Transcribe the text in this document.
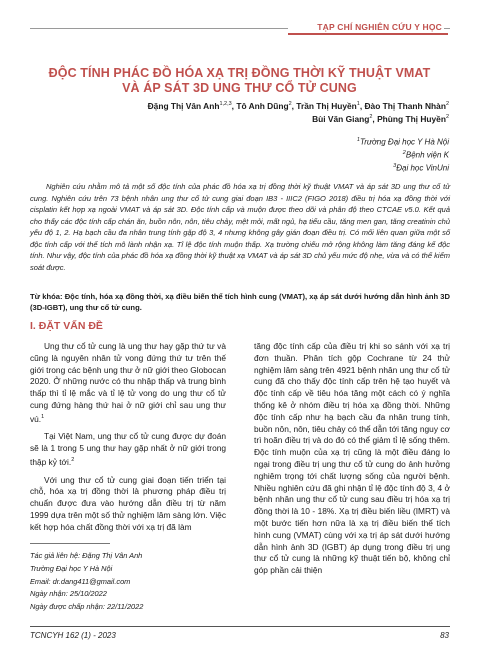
TẠP CHÍ NGHIÊN CỨU Y HỌC
ĐỘC TÍNH PHÁC ĐỒ HÓA XẠ TRỊ ĐỒNG THỜI KỸ THUẬT VMAT
VÀ ÁP SÁT 3D UNG THƯ CỔ TỬ CUNG
Đặng Thị Vân Anh$^{1,2,3}$, Tô Anh Dũng$^2$, Trần Thị Huyền$^1$, Đào Thị Thanh Nhàn$^2$
Bùi Văn Giang$^2$, Phùng Thị Huyền$^2$
$^1$Trường Đại học Y Hà Nội
$^2$Bệnh viện K
$^3$Đại học VinUni
Nghiên cứu nhằm mô tả một số độc tính của phác đồ hóa xạ trị đồng thời kỹ thuật VMAT và áp sát 3D ung thư cổ tử cung. Nghiên cứu trên 73 bệnh nhân ung thư cổ tử cung giai đoạn IB3 - IIIC2 (FIGO 2018) điều trị hóa xạ đồng thời với cisplatin kết hợp xạ ngoài VMAT và áp sát 3D. Độc tính cấp và muộn được theo dõi và phân độ theo CTCAE v5.0. Kết quả cho thấy các độc tính cấp chán ăn, buồn nôn, nôn, tiêu chảy, mệt mỏi, mất ngủ, hạ tiểu cầu, tăng men gan, tăng creatinin chủ yếu độ 1, 2. Hạ bạch cầu đa nhân trung tính gặp độ 3, 4 nhưng không gây gián đoạn điều trị. Có mối liên quan giữa một số độc tính cấp với thể tích mô lành nhận xạ. Tỉ lệ độc tính muộn thấp. Xạ trường chiếu mở rộng không làm tăng đáng kể độc tính. Như vậy, độc tính của phác đồ hóa xạ đồng thời kỹ thuật xạ VMAT và áp sát 3D chủ yếu mức độ nhẹ, vừa và có thể kiểm soát được.
Từ khóa: Độc tính, hóa xạ đồng thời, xạ điều biến thể tích hình cung (VMAT), xạ áp sát dưới hướng dẫn hình ảnh 3D (3D-IGBT), ung thư cổ tử cung.
I. ĐẶT VẤN ĐỀ

Ung thư cổ tử cung là ung thư hay gặp thứ tư và cũng là nguyên nhân tử vong đứng thứ tư trên thế giới trong các bệnh ung thư ở nữ giới theo Globocan 2020. Ở những nước có thu nhập thấp và trung bình thấp thì tỉ lệ mắc và tỉ lệ tử vong do ung thư cổ tử cung đứng hàng thứ hai ở nữ giới chỉ sau ung thư vú.$^1$

Tại Việt Nam, ung thư cổ tử cung được dự đoán sẽ là 1 trong 5 ung thư hay gặp nhất ở nữ giới trong thập kỷ tới.$^2$

Với ung thư cổ tử cung giai đoạn tiến triển tại chỗ, hóa xạ trị đồng thời là phương pháp điều trị chuẩn được đưa vào hướng dẫn điều trị từ năm 1999 dựa trên một số thử nghiệm lâm sàng lớn. Việc kết hợp hóa chất đồng thời với xạ trị đã làm

tăng độc tính cấp của điều trị khi so sánh với xạ trị đơn thuần. Phân tích gộp Cochrane từ 24 thử nghiệm lâm sàng trên 4921 bệnh nhân ung thư cổ tử cung đã cho thấy độc tính cấp trên hệ tạo huyết và độc tính cấp về tiêu hóa tăng một cách có ý nghĩa thống kê ở nhóm điều trị hóa xạ đồng thời. Những độc tính cấp như hạ bạch cầu đa nhân trung tính, buồn nôn, nôn, tiêu chảy có thể dẫn tới tăng nguy cơ trì hoãn điều trị và do đó có thể giảm tỉ lệ sống thêm. Độc tính muộn của xạ trị cũng là một điều đáng lo ngại trong điều trị ung thư cổ tử cung do ảnh hưởng nghiêm trọng tới chất lượng sống của người bệnh. Nhiều nghiên cứu đã ghi nhận tỉ lệ độc tính độ 3, 4 ở bệnh nhân ung thư cổ tử cung sau điều trị hóa xạ trị đồng thời là 10 - 18%. Xạ trị điều biến liều (IMRT) và một bước tiến hơn nữa là xạ trị điều biến thể tích hình cung (VMAT) cùng với xạ trị áp sát dưới hướng dẫn hình ảnh 3D (IGBT) áp dụng trong điều trị ung thư cổ tử cung là những kỹ thuật tiến bộ, không chỉ góp phần cải thiện

Tác giả liên hệ: Đặng Thị Vân Anh
Trường Đại học Y Hà Nội
Email: dr.dang411@gmail.com
Ngày nhận: 25/10/2022
Ngày được chấp nhận: 22/11/2022
TCNCYH 162 (1) - 2023	83
